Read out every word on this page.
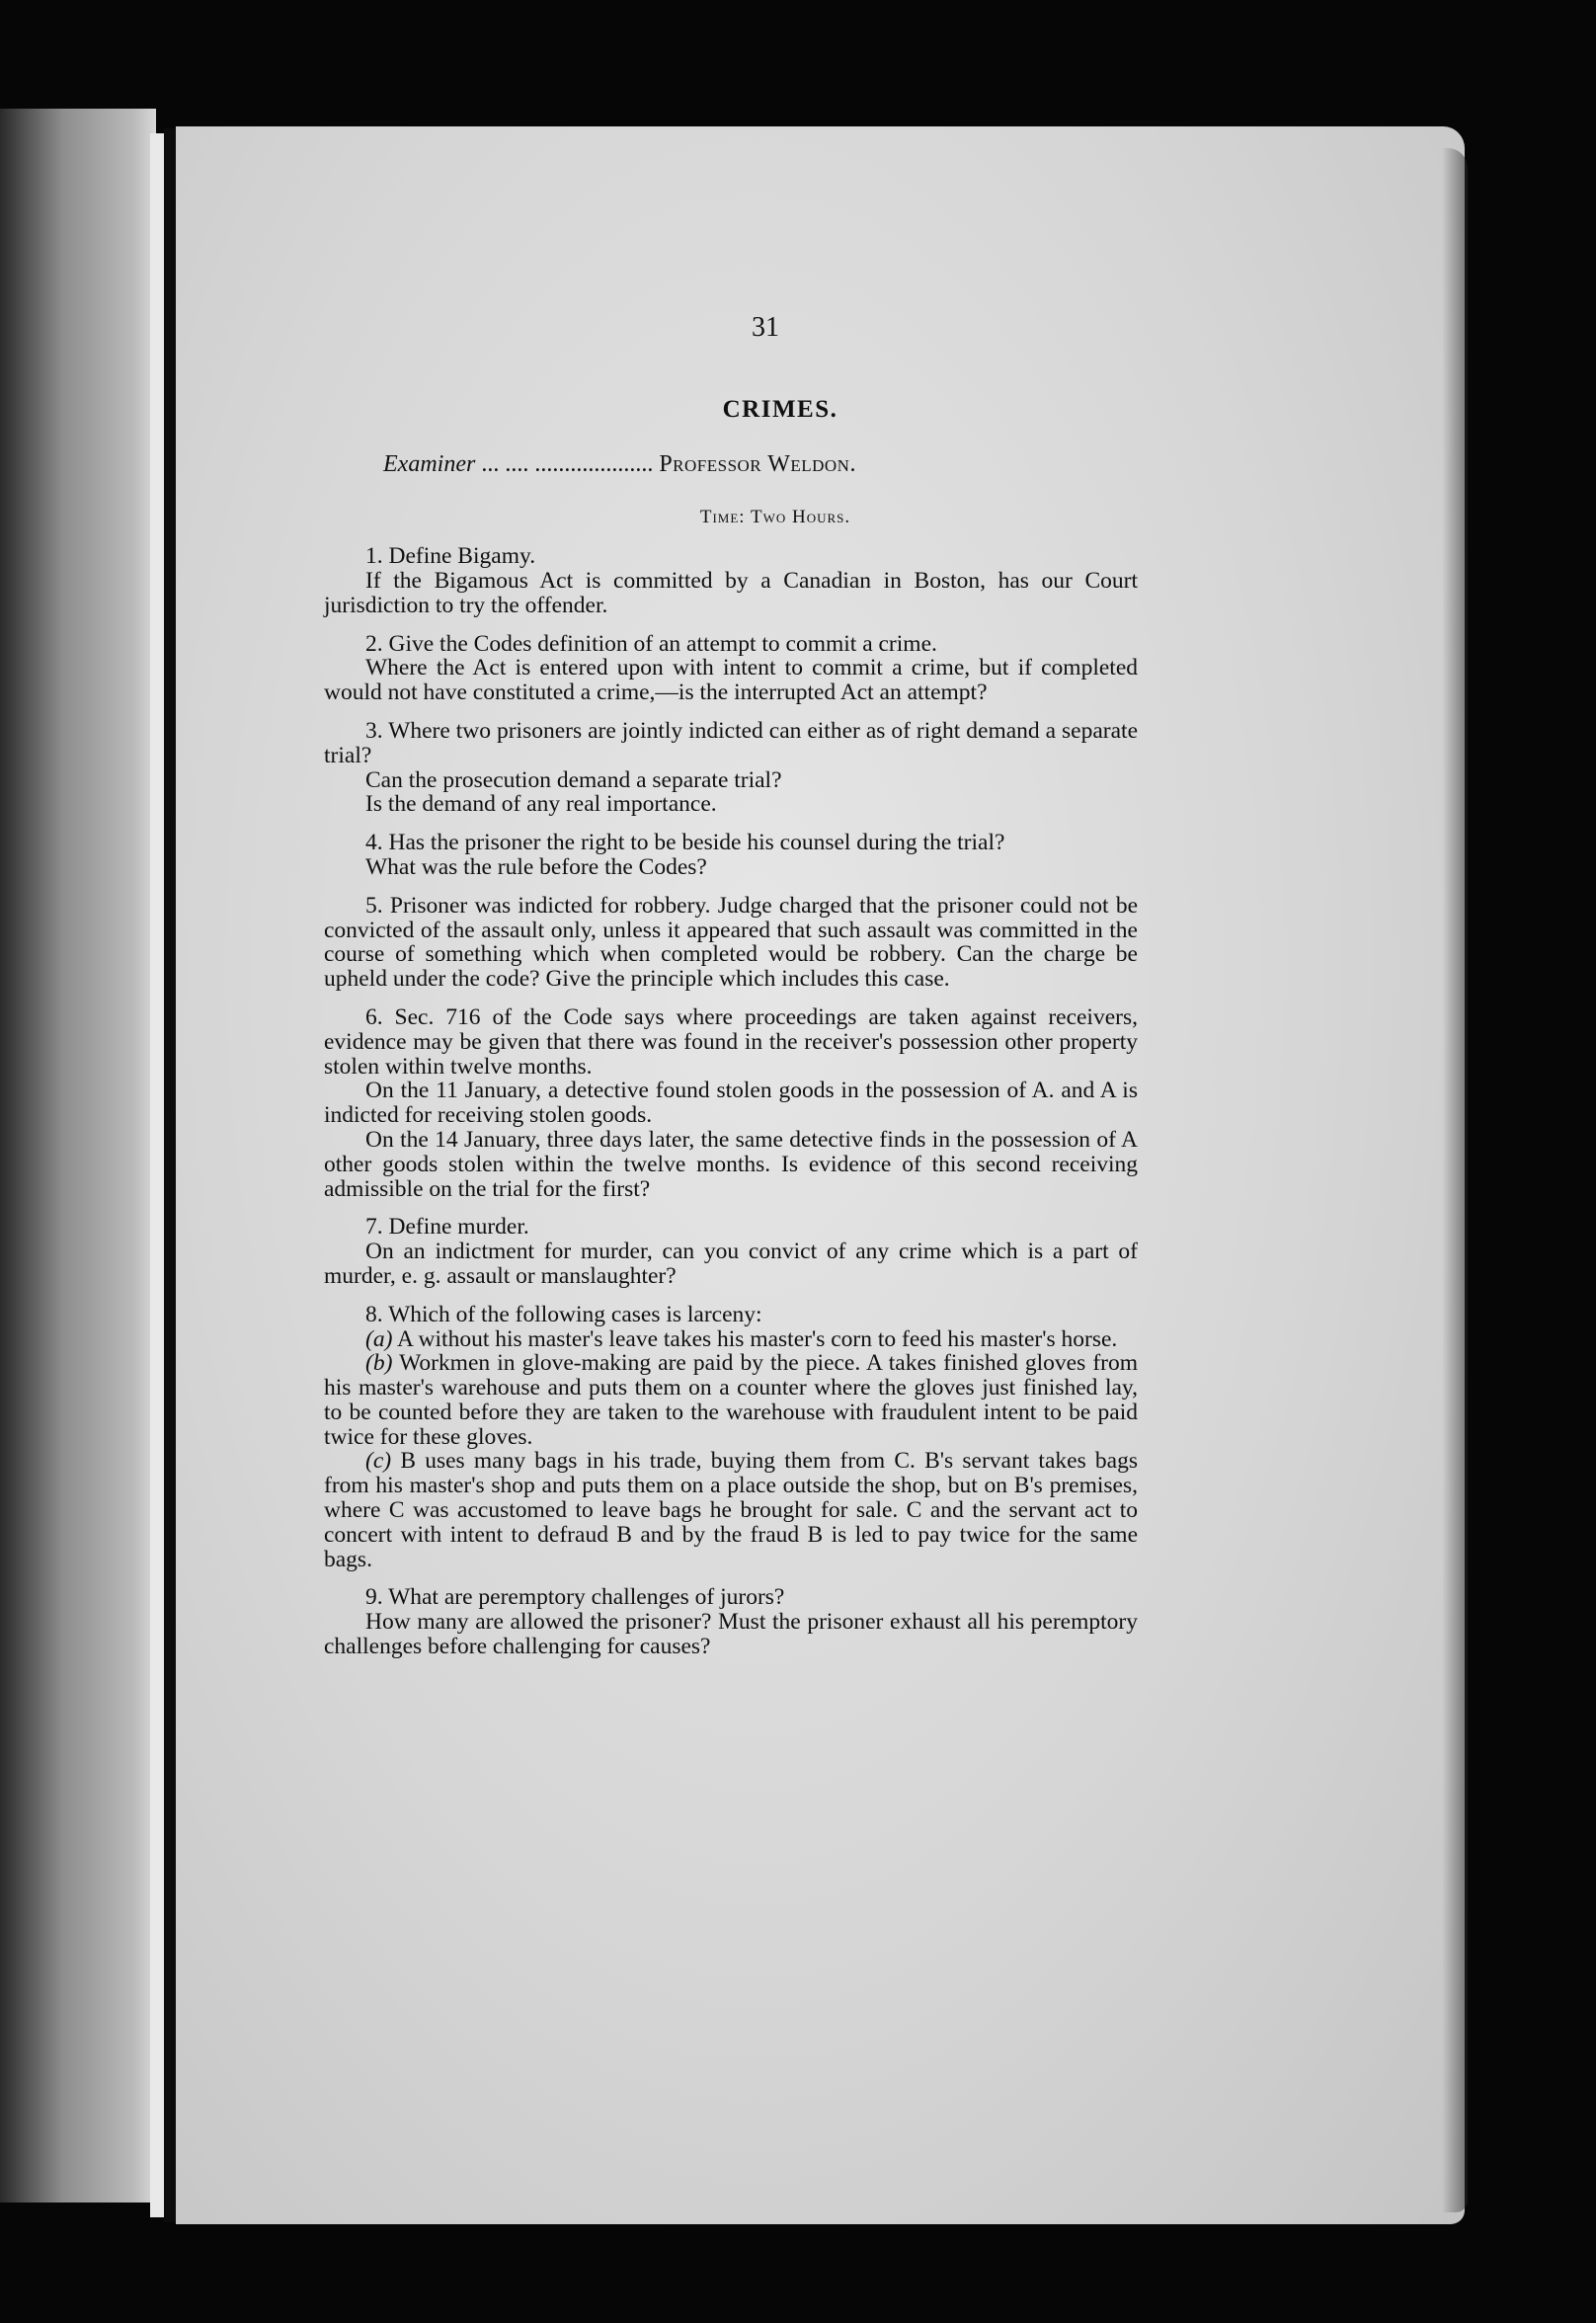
31
CRIMES.
Examiner ... .... .................... Professor Weldon.
Time: Two Hours.

1. Define Bigamy.

If the Bigamous Act is committed by a Canadian in Boston, has our Court jurisdiction to try the offender.

2. Give the Codes definition of an attempt to commit a crime.

Where the Act is entered upon with intent to commit a crime, but if completed would not have constituted a crime,—is the interrupted Act an attempt?

3. Where two prisoners are jointly indicted can either as of right demand a separate trial?

Can the prosecution demand a separate trial?

Is the demand of any real importance.

4. Has the prisoner the right to be beside his counsel during the trial?

What was the rule before the Codes?

5. Prisoner was indicted for robbery. Judge charged that the prisoner could not be convicted of the assault only, unless it appeared that such assault was committed in the course of something which when completed would be robbery. Can the charge be upheld under the code? Give the principle which includes this case.

6. Sec. 716 of the Code says where proceedings are taken against receivers, evidence may be given that there was found in the receiver's possession other property stolen within twelve months.

On the 11 January, a detective found stolen goods in the possession of A. and A is indicted for receiving stolen goods.

On the 14 January, three days later, the same detective finds in the possession of A other goods stolen within the twelve months. Is evidence of this second receiving admissible on the trial for the first?

7. Define murder.

On an indictment for murder, can you convict of any crime which is a part of murder, e. g. assault or manslaughter?

8. Which of the following cases is larceny:

(a) A without his master's leave takes his master's corn to feed his master's horse.

(b) Workmen in glove-making are paid by the piece. A takes finished gloves from his master's warehouse and puts them on a counter where the gloves just finished lay, to be counted before they are taken to the warehouse with fraudulent intent to be paid twice for these gloves.

(c) B uses many bags in his trade, buying them from C. B's servant takes bags from his master's shop and puts them on a place outside the shop, but on B's premises, where C was accustomed to leave bags he brought for sale. C and the servant act to concert with intent to defraud B and by the fraud B is led to pay twice for the same bags.

9. What are peremptory challenges of jurors?

How many are allowed the prisoner? Must the prisoner exhaust all his peremptory challenges before challenging for causes?
